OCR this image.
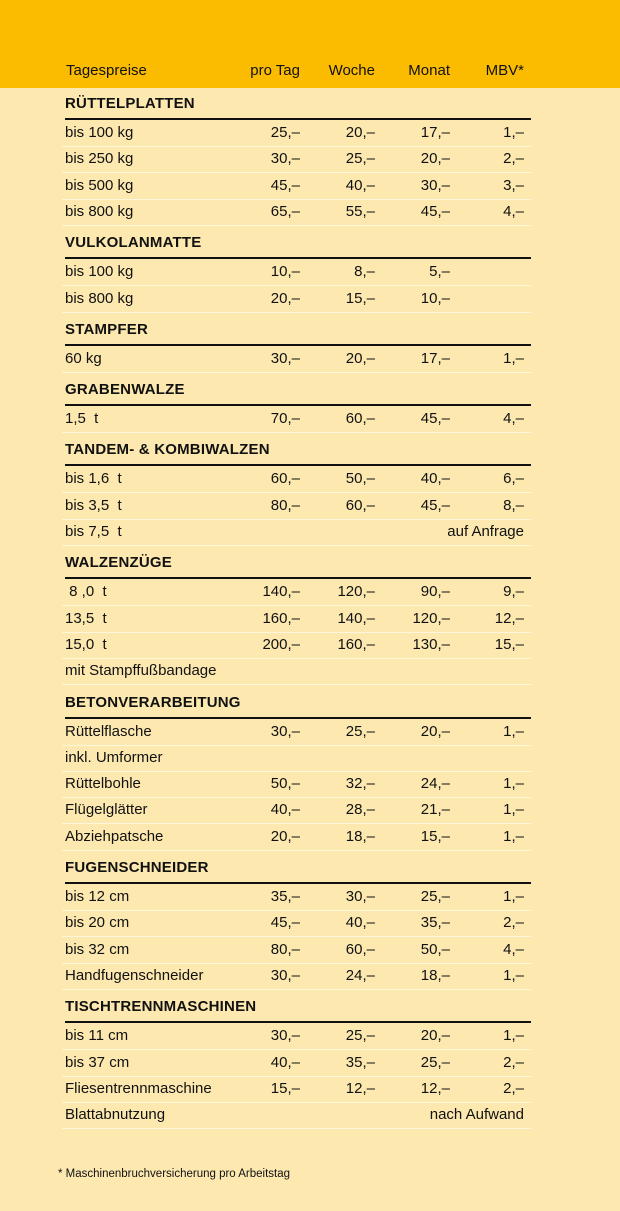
Tagespreise	pro Tag Woche Monat MBV*
RÜTTELPLATTEN
bis 100 kg	25,–	20,–	17,–	1,–
bis 250 kg	30,–	25,–	20,–	2,–
bis 500 kg	45,–	40,–	30,–	3,–
bis 800 kg	65,–	55,–	45,–	4,–
VULKOLANMATTE
bis 100 kg	10,–	8,–	5,–
bis 800 kg	20,–	15,–	10,–
STAMPFER
60 kg	30,–	20,–	17,–	1,–
GRABENWALZE
1,5  t	70,–	60,–	45,–	4,–
TANDEM- & KOMBIWALZEN
bis 1,6  t	60,–	50,–	40,–	6,–
bis 3,5  t	80,–	60,–	45,–	8,–
bis 7,5  t	auf Anfrage
WALZENZÜGE
8 ,0  t	140,– 120,–	90,–	9,–
13,5  t	160,– 140,– 120,–	12,–
15,0  t	200,– 160,– 130,–	15,–
mit Stampffußbandage
BETONVERARBEITUNG
Rüttelflasche	30,–	25,–	20,–	1,–
inkl. Umformer
Rüttelbohle	50,–	32,–	24,–	1,–
Flügelglätter	40,–	28,–	21,–	1,–
Abziehpatsche	20,–	18,–	15,–	1,–
FUGENSCHNEIDER
bis 12 cm	35,–	30,–	25,–	1,–
bis 20 cm	45,–	40,–	35,–	2,–
bis 32 cm	80,–	60,–	50,–	4,–
Handfugenschneider	30,–	24,–	18,–	1,–
TISCHTRENNMASCHINEN
bis 11 cm	30,–	25,–	20,–	1,–
bis 37 cm	40,–	35,–	25,–	2,–
Fliesentrennmaschine	15,–	12,–	12,–	2,–
Blattabnutzung	nach Aufwand
* Maschinenbruchversicherung pro Arbeitstag
